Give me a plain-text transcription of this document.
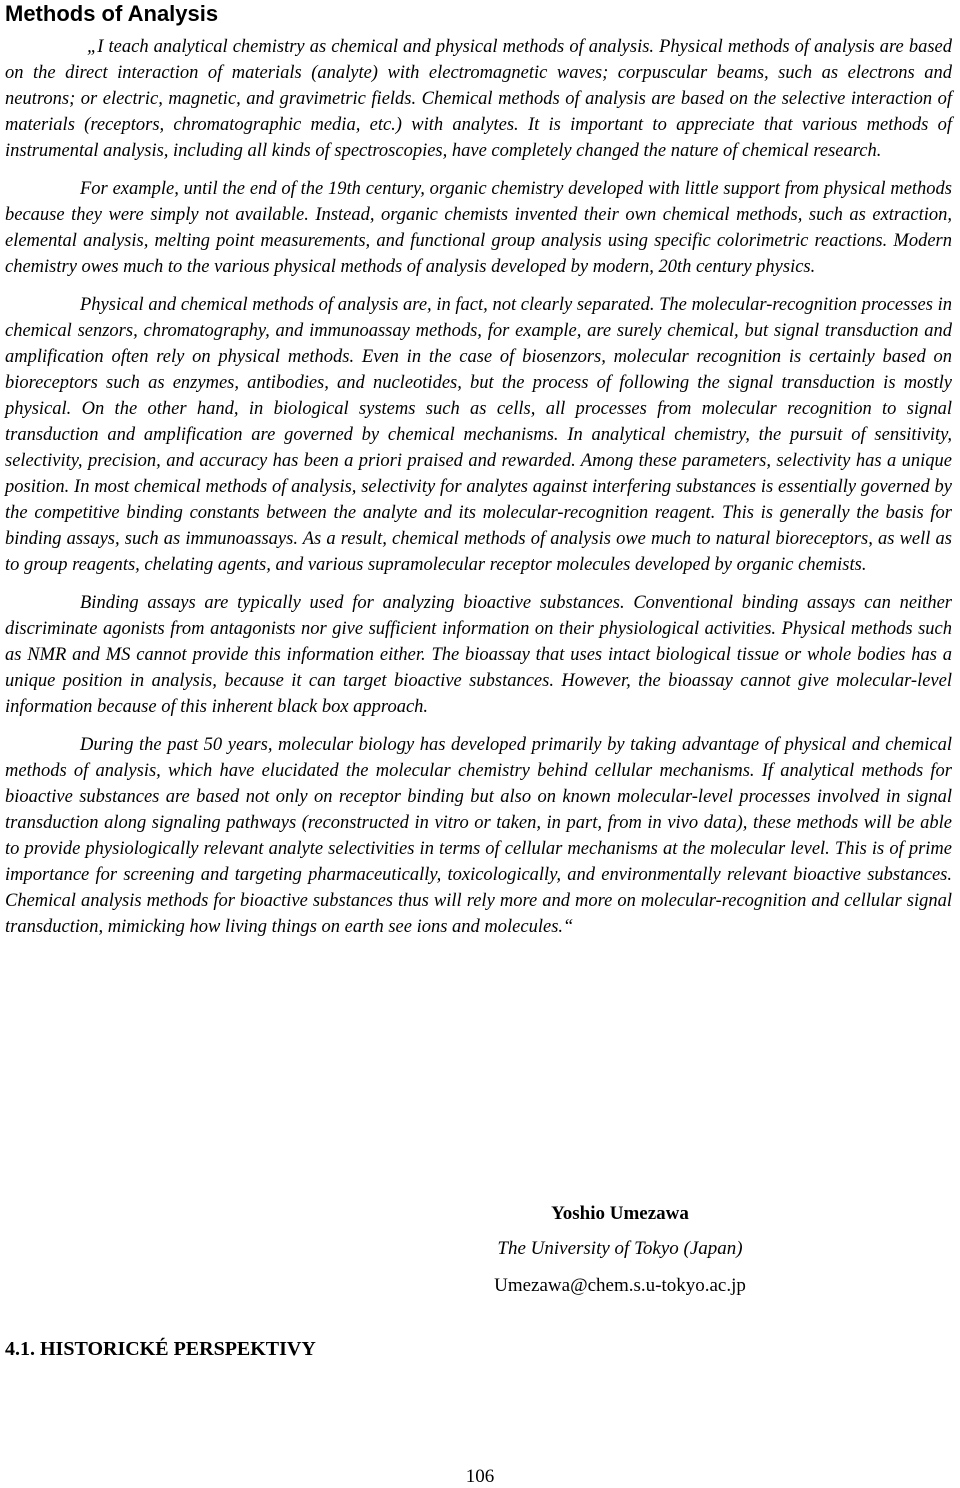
Methods of Analysis

„I teach analytical chemistry as chemical and physical methods of analysis. Physical methods of analysis are based on the direct interaction of materials (analyte) with electromagnetic waves; corpuscular beams, such as electrons and neutrons; or electric, magnetic, and gravimetric fields. Chemical methods of analysis are based on the selective interaction of materials (receptors, chromatographic media, etc.) with analytes. It is important to appreciate that various methods of instrumental analysis, including all kinds of spectroscopies, have completely changed the nature of chemical research.

For example, until the end of the 19th century, organic chemistry developed with little support from physical methods because they were simply not available. Instead, organic chemists invented their own chemical methods, such as extraction, elemental analysis, melting point measurements, and functional group analysis using specific colorimetric reactions. Modern chemistry owes much to the various physical methods of analysis developed by modern, 20th century physics.

Physical and chemical methods of analysis are, in fact, not clearly separated. The molecular-recognition processes in chemical senzors, chromatography, and immunoassay methods, for example, are surely chemical, but signal transduction and amplification often rely on physical methods. Even in the case of biosenzors, molecular recognition is certainly based on bioreceptors such as enzymes, antibodies, and nucleotides, but the process of following the signal transduction is mostly physical. On the other hand, in biological systems such as cells, all processes from molecular recognition to signal transduction and amplification are governed by chemical mechanisms. In analytical chemistry, the pursuit of sensitivity, selectivity, precision, and accuracy has been a priori praised and rewarded. Among these parameters, selectivity has a unique position. In most chemical methods of analysis, selectivity for analytes against interfering substances is essentially governed by the competitive binding constants between the analyte and its molecular-recognition reagent. This is generally the basis for binding assays, such as immunoassays. As a result, chemical methods of analysis owe much to natural bioreceptors, as well as to group reagents, chelating agents, and various supramolecular receptor molecules developed by organic chemists.

Binding assays are typically used for analyzing bioactive substances. Conventional binding assays can neither discriminate agonists from antagonists nor give sufficient information on their physiological activities. Physical methods such as NMR and MS cannot provide this information either. The bioassay that uses intact biological tissue or whole bodies has a unique position in analysis, because it can target bioactive substances. However, the bioassay cannot give molecular-level information because of this inherent black box approach.

During the past 50 years, molecular biology has developed primarily by taking advantage of physical and chemical methods of analysis, which have elucidated the molecular chemistry behind cellular mechanisms. If analytical methods for bioactive substances are based not only on receptor binding but also on known molecular-level processes involved in signal transduction along signaling pathways (reconstructed in vitro or taken, in part, from in vivo data), these methods will be able to provide physiologically relevant analyte selectivities in terms of cellular mechanisms at the molecular level. This is of prime importance for screening and targeting pharmaceutically, toxicologically, and environmentally relevant bioactive substances. Chemical analysis methods for bioactive substances thus will rely more and more on molecular-recognition and cellular signal transduction, mimicking how living things on earth see ions and molecules.“

Yoshio Umezawa
The University of Tokyo (Japan)
Umezawa@chem.s.u-tokyo.ac.jp
4.1. HISTORICKÉ PERSPEKTIVY
106
